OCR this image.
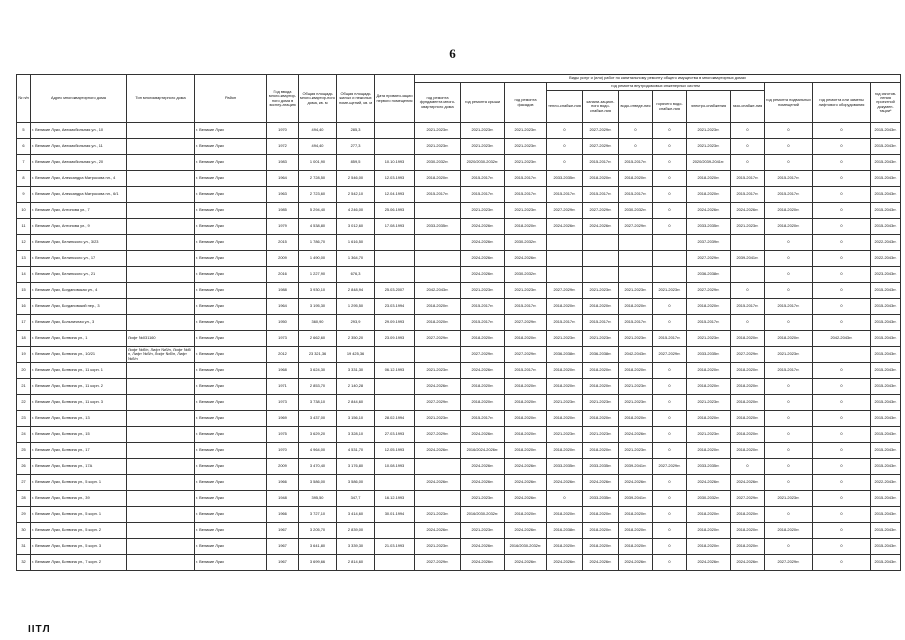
6
№ п/п	Адрес многоквартирного дома	Тип многоквартирного дома	Район	Год ввода много-квартир-ного дома в эксплу-атацию	Общая площадь много-квартир-ного дома, кв. м	Общая площадь жилых и нежилых поме-щений, кв. м	Дата привати-зации первого помещения	Виды услуг и (или) работ по капитальному ремонту общего имущества в многоквартирных домах											
								год ремонта фундамента много-квартирного дома	год ремонта крыши	год ремонта фасадов	год ремонта внутридомовых инженерных систем						год ремонта подвальных помещений	год ремонта или замены лифтового оборудования	год изготов-ления проектной докумен-тации*
											тепло-снабже-ния	канали-зацион-ного водо-снабже-ния	водо-отведе-ния	горячего водо-снабже-ния	электро-снабжения	газо-снабже-ния			
5	г. Великие Луки, Автомобильная ул., 10		г. Великие Луки	1970	494,40	285,3		2021-2023гг.	2021-2023гг.	2021-2023гг.	0	2027-2029гг.	0	0	2021-2023гг.	0	0	0	2015-2043гг.
6	г. Великие Луки, Автомобильная ул., 11		г. Великие Луки	1972	494,40	277,3		2021-2023гг.	2021-2023гг.	2021-2023гг.	0	2027-2029гг.	0	0	2021-2023гг.	0	0	0	2015-2043гг.
7	г. Великие Луки, Автомобильная ул., 20		г. Великие Луки	1983	1 001,90	859,5	10.10.1993	2030-2032гг.	2020/2030-2032гг.	2021-2023гг.	0	2015-2017гг.	2015-2017гг.	0	2020/2039-2041гг.	0	0	0	2015-2043гг.
8	г. Великие Луки, Александра Матросова пл., 4		г. Великие Луки	1964	2 728,50	2 546,00	12.03.1993	2018-2020гг.	2015-2017гг.	2015-2017гг.	2033-2035гг.	2018-2020гг.	2018-2020гг.	0	2018-2020гг.	2015-2017гг.	2015-2017гг.	0	2015-2043гг.
9	г. Великие Луки, Александра Матросова пл., 6/1		г. Великие Луки	1963	2 723,60	2 542,10	12.04.1993	2015-2017гг.	2015-2017гг.	2015-2017гг.	2015-2017гг.	2015-2017гг.	2015-2017гг.	0	2018-2020гг.	2015-2017гг.	2015-2017гг.	0	2015-2043гг.
10	г. Великие Луки, Антонова ул., 7		г. Великие Луки	1985	5 294,40	4 246,00	25.06.1993		2021-2023гг.	2021-2023гг.	2027-2029гг.	2027-2029гг.	2030-2032гг.	0	2024-2026гг.	2024-2026гг.	2018-2020гг.	0	2015-2043гг.
11	г. Великие Луки, Антонова ул., 9		г. Великие Луки	1979	4 538,80	3 012,60	17.08.1993	2033-2035гг.	2024-2026гг.	2018-2020гг.	2024-2026гг.	2024-2026гг.	2027-2029гг.	0	2033-2035гг.	2021-2023гг.	2018-2020гг.	0	2015-2043гг.
12	г. Великие Луки, Белинского ул., 3/23		г. Великие Луки	2015	1 786,70	1 616,50			2024-2026гг.	2030-2032гг.					2037-2039гг.		0	0	2022-2043гг.
13	г. Великие Луки, Белинского ул., 17		г. Великие Луки	2009	1 490,00	1 364,70			2024-2026гг.	2024-2026гг.					2027-2029гг.	2039-2041гг.	0	0	2022-2043гг.
14	г. Великие Луки, Белинского ул., 21		г. Великие Луки	2016	1 227,90	676,3			2024-2026гг.	2030-2032гг.					2036-2038гг.		0	0	2023-2043гг.
15	г. Великие Луки, Богдановская ул., 4		г. Великие Луки	1988	3 930,10	2 848,94	25.03.2007	2042-2043гг.	2021-2023гг.	2021-2023гг.	2027-2029гг.	2021-2023гг.	2021-2023гг.	2021-2023гг.	2027-2029гг.	0	0	0	2015-2043гг.
16	г. Великие Луки, Богдановский пер., 3		г. Великие Луки	1964	3 195,30	1 295,50	23.03.1994	2018-2020гг.	2015-2017гг.	2015-2017гг.	2018-2020гг.	2018-2020гг.	2018-2020гг.	0	2018-2020гг.	2015-2017гг.	2015-2017гг.	0	2015-2043гг.
17	г. Великие Луки, Больничная ул., 3		г. Великие Луки	1950	360,90	293,9	29.09.1993	2018-2020гг.	2015-2017гг.	2027-2029гг.	2015-2017гг.	2015-2017гг.	2015-2017гг.	0	2015-2017гг.	0	0	0	2015-2043гг.
18	г. Великие Луки, Ботвина ул., 1	Лифт №031160	г. Великие Луки	1973	2 662,60	2 350,20	23.09.1993	2027-2029гг.	2018-2020гг.	2018-2020гг.	2021-2023гг.	2021-2023гг.	2021-2023гг.	2015-2017гг.	2021-2023гг.	2018-2020гг.	2018-2020гг.	2042-2043гг.	2015-2043гг.
19	г. Великие Луки, Ботвина ул., 10/21	Лифт №б/н, Лифт №б/н, Лифт №б/н, Лифт №б/н, Лифт №б/н, Лифт №б/н	г. Великие Луки	2012	23 321,36	19 425,36			2027-2029гг.	2027-2029гг.	2036-2038гг.	2036-2038гг.	2042-2043гг.	2027-2029гг.	2033-2035гг.	2027-2029гг.	2021-2023гг.		2015-2043гг.
20	г. Великие Луки, Ботвина ул., 11 корп. 1		г. Великие Луки	1968	3 624,30	3 331,30	06.12.1993	2021-2023гг.	2024-2026гг.	2015-2017гг.	2018-2020гг.	2018-2020гг.	2018-2020гг.	0	2018-2020гг.	2018-2020гг.	2015-2017гг.	0	2015-2043гг.
21	г. Великие Луки, Ботвина ул., 11 корп. 2		г. Великие Луки	1971	2 853,70	2 140,28		2024-2026гг.	2018-2020гг.	2018-2020гг.	2018-2020гг.	2018-2020гг.	2021-2023гг.	0	2018-2020гг.	2018-2020гг.	0	0	2015-2043гг.
22	г. Великие Луки, Ботвина ул., 11 корп. 3		г. Великие Луки	1973	3 738,10	2 844,60		2027-2029гг.	2018-2020гг.	2018-2020гг.	2021-2023гг.	2021-2023гг.	2021-2023гг.	0	2021-2023гг.	2018-2020гг.	0	0	2015-2043гг.
23	г. Великие Луки, Ботвина ул., 13		г. Великие Луки	1969	3 437,00	3 156,10	28.02.1994	2021-2023гг.	2015-2017гг.	2018-2020гг.	2018-2020гг.	2018-2020гг.	2018-2020гг.	0	2018-2020гг.	2018-2020гг.	0	0	2015-2043гг.
24	г. Великие Луки, Ботвина ул., 15		г. Великие Луки	1975	3 629,20	3 328,10	27.03.1993	2027-2029гг.	2024-2026гг.	2018-2020гг.	2021-2023гг.	2021-2023гг.	2024-2026гг.	0	2021-2023гг.	2018-2020гг.	0	0	2015-2043гг.
25	г. Великие Луки, Ботвина ул., 17		г. Великие Луки	1970	4 964,00	4 531,70	12.05.1993	2024-2026гг.	2016/2024-2026гг.	2018-2020гг.	2018-2020гг.	2018-2020гг.	2021-2023гг.	0	2018-2020гг.	2018-2020гг.	0	0	2015-2043гг.
26	г. Великие Луки, Ботвина ул., 17А		г. Великие Луки	2009	3 470,40	3 176,80	10.08.1993		2024-2026гг.	2024-2026гг.	2033-2035гг.	2033-2035гг.	2039-2041гг.	2027-2029гг.	2033-2035гг.	0	0	0	2015-2043гг.
27	г. Великие Луки, Ботвина ул., 5 корп. 1		г. Великие Луки	1966	3 586,00	3 586,00		2024-2026гг.	2024-2026гг.	2024-2026гг.	2024-2026гг.	2024-2026гг.	2024-2026гг.	0	2024-2026гг.	2024-2026гг.	0	0	2022-2043гг.
28	г. Великие Луки, Ботвина ул., 39		г. Великие Луки	1948	395,50	347,7	16.12.1993		2021-2023гг.	2024-2026гг.	0	2033-2035гг.	2039-2041гг.	0	2030-2032гг.	2027-2029гг.	2021-2023гг.	0	2015-2043гг.
29	г. Великие Луки, Ботвина ул., 5 корп. 1		г. Великие Луки	1966	3 727,10	3 414,60	30.01.1994	2021-2023гг.	2016/2030-2032гг.	2018-2020гг.	2018-2020гг.	2018-2020гг.	2018-2020гг.	0	2018-2020гг.	2018-2020гг.	0	0	2015-2043гг.
30	г. Великие Луки, Ботвина ул., 5 корп. 2		г. Великие Луки	1967	3 205,70	2 839,00		2024-2026гг.	2021-2023гг.	2024-2026гг.	2016-2038гг.	2018-2020гг.	2018-2020гг.	0	2018-2020гг.	2018-2020гг.	2018-2020гг.	0	2015-2043гг.
31	г. Великие Луки, Ботвина ул., 5 корп. 3		г. Великие Луки	1967	3 641,80	3 339,30	21.03.1993	2021-2023гг.	2024-2026гг.	2016/2030-2032гг.	2018-2020гг.	2018-2020гг.	2018-2020гг.	0	2018-2020гг.	2018-2020гг.	0	0	2015-2043гг.
32	г. Великие Луки, Ботвина ул., 7 корп. 2		г. Великие Луки	1967	3 699,66	2 814,60		2027-2029гг.	2024-2026гг.	2024-2026гг.	2024-2026гг.	2024-2026гг.	2024-2026гг.	0	2024-2026гг.	2024-2026гг.	2027-2029гг.	0	2015-2043гг.
IITЛ
